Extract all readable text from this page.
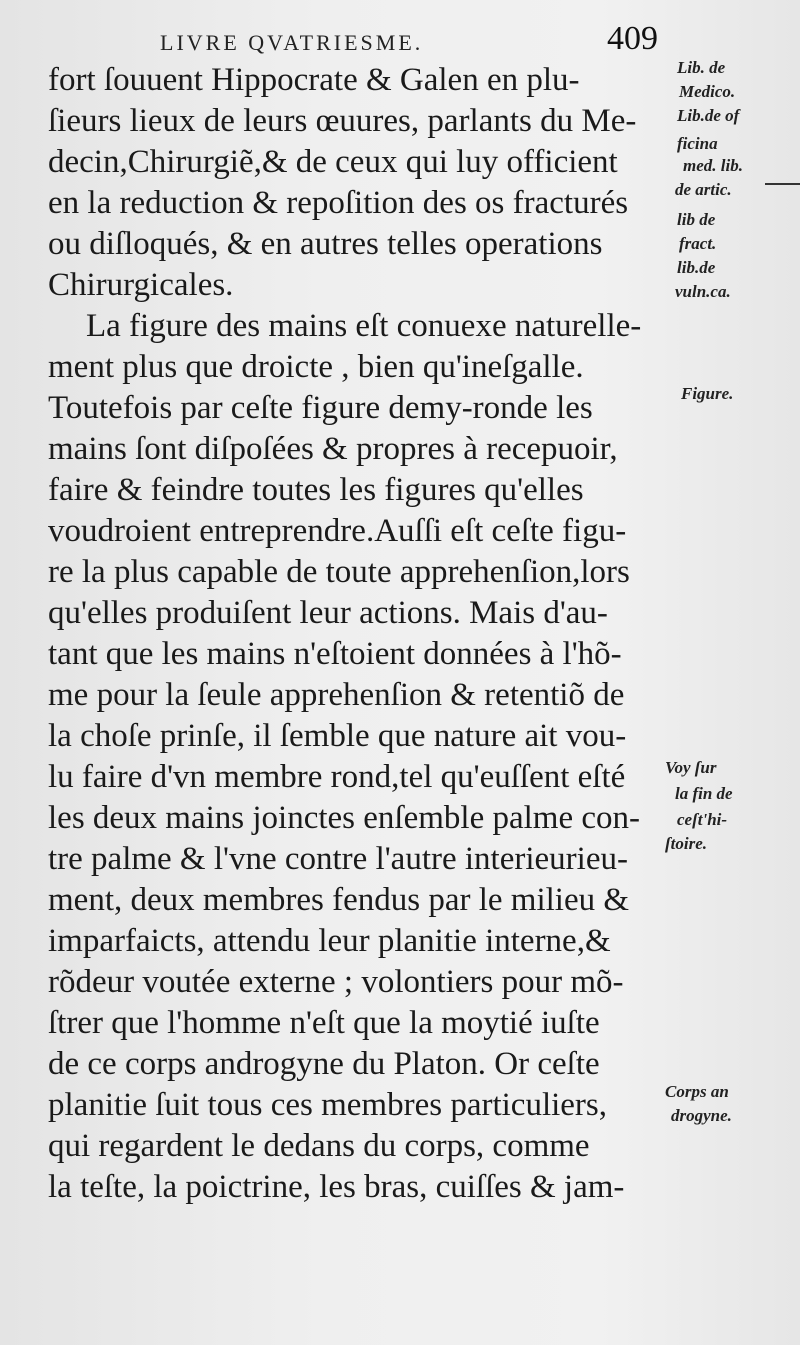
LIVRE QVATRIESME.	409
fort ſouuent Hippocrate & Galen en plu-
ſieurs lieux de leurs œuures, parlants du Me-
decin,Chirurgiẽ,& de ceux qui luy officient
en la reduction & repoſition des os fracturés
ou diſloqués, & en autres telles operations
Chirurgicales.
La figure des mains eſt conuexe naturelle-
ment plus que droicte , bien qu'ineſgalle.
Toutefois par ceſte figure demy-ronde les
mains ſont diſpoſées & propres à recepuoir,
faire & feindre toutes les figures qu'elles
voudroient entreprendre.Auſſi eſt ceſte figu-
re la plus capable de toute apprehenſion,lors
qu'elles produiſent leur actions. Mais d'au-
tant que les mains n'eſtoient données à l'hõ-
me pour la ſeule apprehenſion & retentiõ de
la choſe prinſe, il ſemble que nature ait vou-
lu faire d'vn membre rond,tel qu'euſſent eſté
les deux mains joinctes enſemble palme con-
tre palme & l'vne contre l'autre interieurieu-
ment, deux membres fendus par le milieu &
imparfaicts, attendu leur planitie interne,&
rõdeur voutée externe ; volontiers pour mõ-
ſtrer que l'homme n'eſt que la moytié iuſte
de ce corps androgyne du Platon. Or ceſte
planitie ſuit tous ces membres particuliers,
qui regardent le dedans du corps, comme
la teſte, la poictrine, les bras, cuiſſes & jam-
Lib. de
Medico.
Lib.de of
ficina
med. lib.
de artic.
lib de
fract.
lib.de
vuln.ca.
Figure.
Voy ſur
la fin de
ceſt'hi-
ſtoire.
Corps an
drogyne.
